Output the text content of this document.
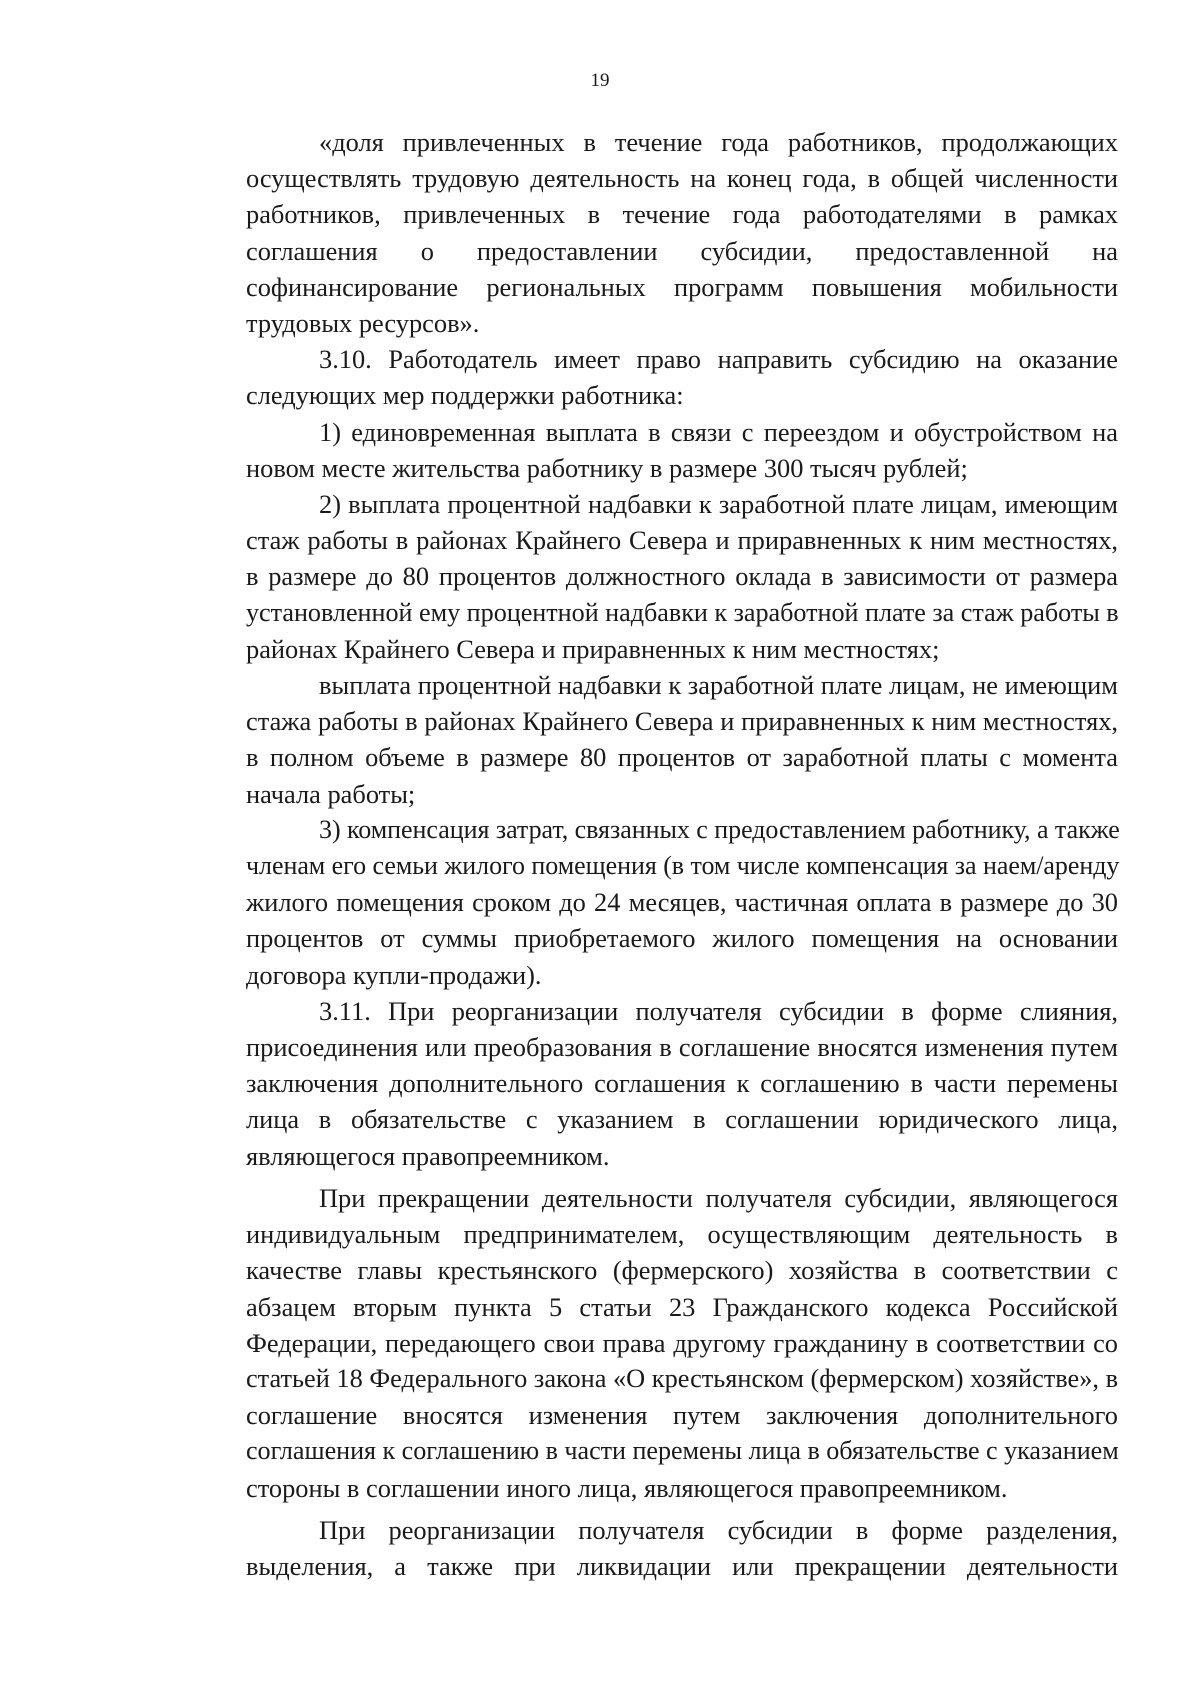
19
«доля привлеченных в течение года работников, продолжающих
осуществлять трудовую деятельность на конец года, в общей численности
работников, привлеченных в течение года работодателями в рамках
соглашения о предоставлении субсидии, предоставленной на
софинансирование региональных программ повышения мобильности
трудовых ресурсов».
3.10. Работодатель имеет право направить субсидию на оказание
следующих мер поддержки работника:
1) единовременная выплата в связи с переездом и обустройством на
новом месте жительства работнику в размере 300 тысяч рублей;
2) выплата процентной надбавки к заработной плате лицам, имеющим
стаж работы в районах Крайнего Севера и приравненных к ним местностях,
в размере до 80 процентов должностного оклада в зависимости от размера
установленной ему процентной надбавки к заработной плате за стаж работы в
районах Крайнего Севера и приравненных к ним местностях;
выплата процентной надбавки к заработной плате лицам, не имеющим
стажа работы в районах Крайнего Севера и приравненных к ним местностях,
в полном объеме в размере 80 процентов от заработной платы с момента
начала работы;
3) компенсация затрат, связанных с предоставлением работнику, а также
членам его семьи жилого помещения (в том числе компенсация за наем/аренду
жилого помещения сроком до 24 месяцев, частичная оплата в размере до 30
процентов от суммы приобретаемого жилого помещения на основании
договора купли-продажи).
3.11. При реорганизации получателя субсидии в форме слияния,
присоединения или преобразования в соглашение вносятся изменения путем
заключения дополнительного соглашения к соглашению в части перемены
лица в обязательстве с указанием в соглашении юридического лица,
являющегося правопреемником.
При прекращении деятельности получателя субсидии, являющегося
индивидуальным предпринимателем, осуществляющим деятельность в
качестве главы крестьянского (фермерского) хозяйства в соответствии с
абзацем вторым пункта 5 статьи 23 Гражданского кодекса Российской
Федерации, передающего свои права другому гражданину в соответствии со
статьей 18 Федерального закона «О крестьянском (фермерском) хозяйстве», в
соглашение вносятся изменения путем заключения дополнительного
соглашения к соглашению в части перемены лица в обязательстве с указанием
стороны в соглашении иного лица, являющегося правопреемником.
При реорганизации получателя субсидии в форме разделения,
выделения, а также при ликвидации или прекращении деятельности
